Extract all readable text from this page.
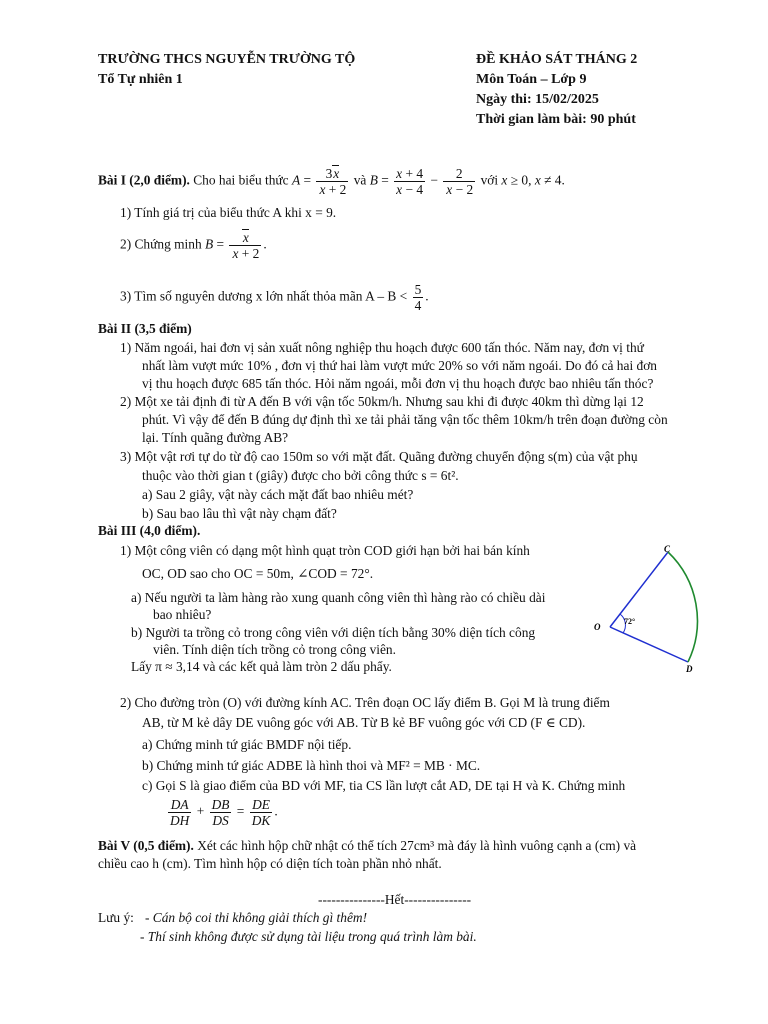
TRƯỜNG THCS NGUYỄN TRƯỜNG TỘ
Tổ Tự nhiên 1
ĐỀ KHẢO SÁT THÁNG 2
Môn Toán – Lớp 9
Ngày thi: 15/02/2025
Thời gian làm bài: 90 phút
Bài I (2,0 điểm). Cho hai biểu thức $A = \frac{3x}{x + 2}$ và $B = \frac{x + 4}{x - 4} - \frac{2}{x - 2}$ với x ≥ 0, x ≠ 4.
1) Tính giá trị của biểu thức A khi x = 9.
2) Chứng minh $B = \frac{x}{x + 2}$ .
3) Tìm số nguyên dương x lớn nhất thỏa mãn $A - B < \frac{5}{4}$ .
Bài II (3,5 điểm)
1) Năm ngoái, hai đơn vị sản xuất nông nghiệp thu hoạch được 600 tấn thóc. Năm nay, đơn vị thứ
nhất làm vượt mức 10% , đơn vị thứ hai làm vượt mức 20% so với năm ngoái. Do đó cả hai đơn
vị thu hoạch được 685 tấn thóc. Hỏi năm ngoái, mỗi đơn vị thu hoạch được bao nhiêu tấn thóc?
2) Một xe tải định đi từ A đến B với vận tốc 50km/h. Nhưng sau khi đi được 40km thì dừng lại 12
phút. Vì vậy để đến B đúng dự định thì xe tải phải tăng vận tốc thêm 10km/h trên đoạn đường còn
lại. Tính quãng đường AB?
3) Một vật rơi tự do từ độ cao 150m so với mặt đất. Quãng đường chuyển động s(m) của vật phụ
thuộc vào thời gian t (giây) được cho bởi công thức s = 6t².
a) Sau 2 giây, vật này cách mặt đất bao nhiêu mét?
b) Sau bao lâu thì vật này chạm đất?
Bài III (4,0 điểm).
1) Một công viên có dạng một hình quạt tròn COD giới hạn bởi hai bán kính
OC, OD sao cho OC = 50m, ∠COD = 72°.
a) Nếu người ta làm hàng rào xung quanh công viên thì hàng rào có chiều dài
bao nhiêu?
b) Người ta trồng cỏ trong công viên với diện tích bằng 30% diện tích công
viên. Tính diện tích trồng cỏ trong công viên.
Lấy π ≈ 3,14 và các kết quả làm tròn 2 dấu phẩy.
C
O
D
72°
2) Cho đường tròn (O) với đường kính AC. Trên đoạn OC lấy điểm B. Gọi M là trung điểm
AB, từ M kẻ dây DE vuông góc với AB. Từ B kẻ BF vuông góc với CD (F ∈ CD).
a) Chứng minh tứ giác BMDF nội tiếp.
b) Chứng minh tứ giác ADBE là hình thoi và MF² = MB · MC.
c) Gọi S là giao điểm của BD với MF, tia CS lần lượt cắt AD, DE tại H và K. Chứng minh
$\frac{DA}{DH} + \frac{DB}{DS} = \frac{DE}{DK}$ .
Bài V (0,5 điểm). Xét các hình hộp chữ nhật có thể tích 27cm³ mà đáy là hình vuông cạnh a (cm) và
chiều cao h (cm). Tìm hình hộp có diện tích toàn phần nhỏ nhất.
---------------Hết---------------
Lưu ý: - Cán bộ coi thi không giải thích gì thêm!
- Thí sinh không được sử dụng tài liệu trong quá trình làm bài.
